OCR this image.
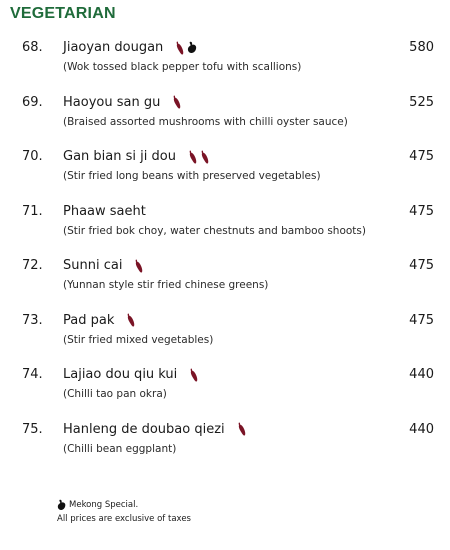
VEGETARIAN
68. Jiaoyan dougan	580
(Wok tossed black pepper tofu with scallions)
69. Haoyou san gu	525
(Braised assorted mushrooms with chilli oyster sauce)
70. Gan bian si ji dou	475
(Stir fried long beans with preserved vegetables)
71. Phaaw saeht	475
(Stir fried bok choy, water chestnuts and bamboo shoots)
72. Sunni cai	475
(Yunnan style stir fried chinese greens)
73. Pad pak	475
(Stir fried mixed vegetables)
74. Lajiao dou qiu kui	440
(Chilli tao pan okra)
75. Hanleng de doubao qiezi	440
(Chilli bean eggplant)
Mekong Special.
All prices are exclusive of taxes
